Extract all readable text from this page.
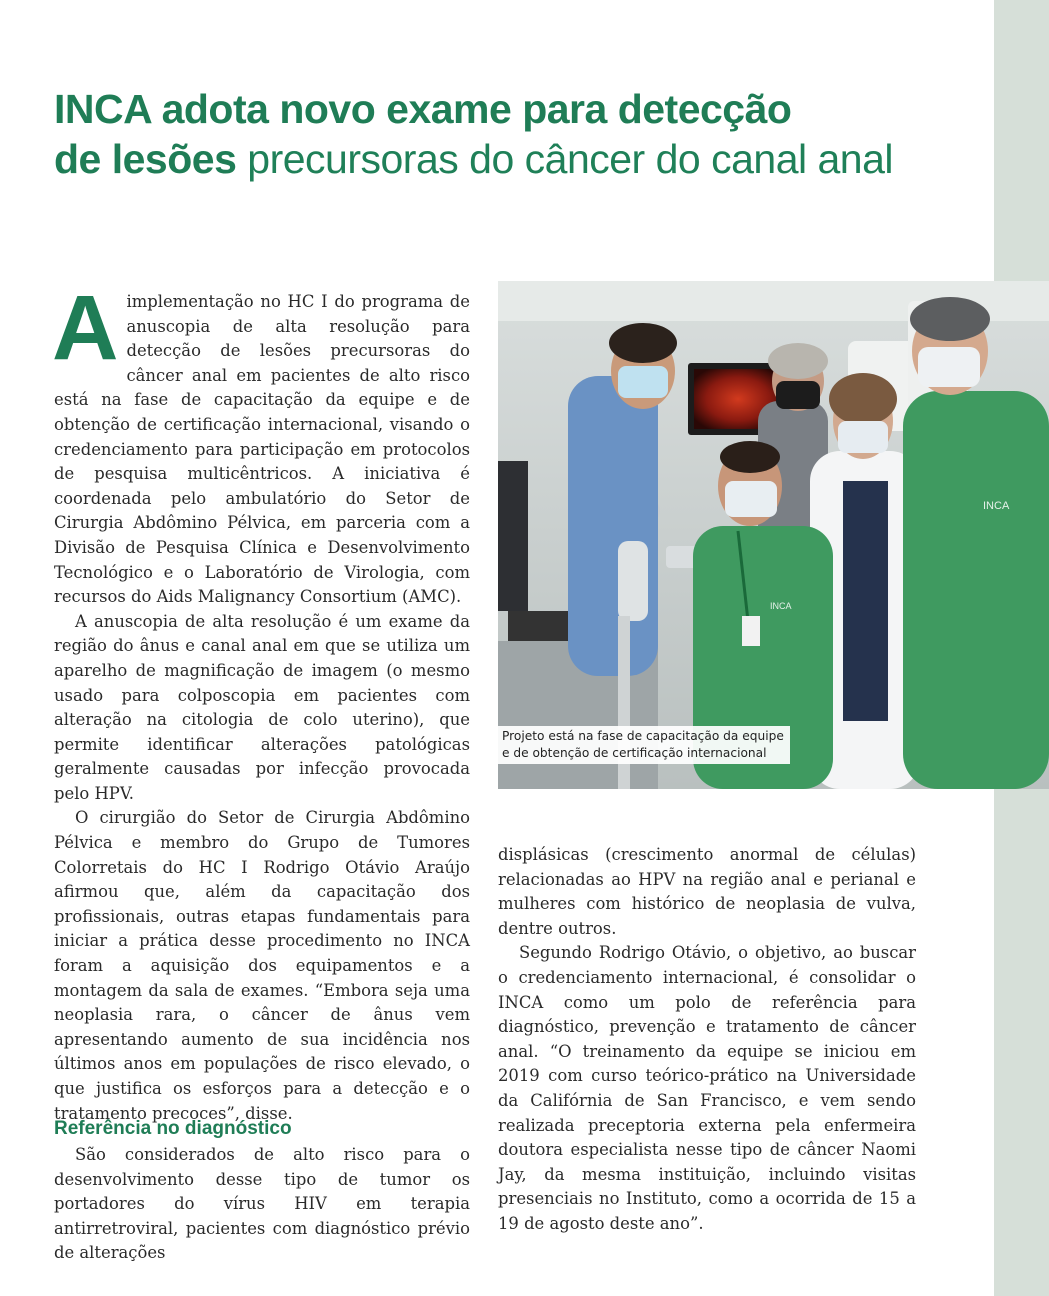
INCA adota novo exame para detecção
de lesões precursoras do câncer do canal anal

Aimplementação no HC I do programa de anuscopia de alta resolução para detecção de lesões precursoras do câncer anal em pacientes de alto risco está na fase de capacitação da equipe e de obtenção de certificação internacional, visando o credenciamento para participação em protocolos de pesquisa multicêntricos. A iniciativa é coordenada pelo ambulatório do Setor de Cirurgia Abdômino Pélvica, em parceria com a Divisão de Pesquisa Clínica e Desenvolvimento Tecnológico e o Laboratório de Virologia, com recursos do Aids Malignancy Consortium (AMC).

A anuscopia de alta resolução é um exame da região do ânus e canal anal em que se utiliza um aparelho de magnificação de imagem (o mesmo usado para colposcopia em pacientes com alteração na citologia de colo uterino), que permite identificar alterações patológicas geralmente causadas por infecção provocada pelo HPV.

O cirurgião do Setor de Cirurgia Abdômino Pélvica e membro do Grupo de Tumores Colorretais do HC I Rodrigo Otávio Araújo afirmou que, além da capacitação dos profissionais, outras etapas fundamentais para iniciar a prática desse procedimento no INCA foram a aquisição dos equipamentos e a montagem da sala de exames. “Embora seja uma neoplasia rara, o câncer de ânus vem apresentando aumento de sua incidência nos últimos anos em populações de risco elevado, o que justifica os esforços para a detecção e o tratamento precoces”, disse.

Referência no diagnóstico

São considerados de alto risco para o desenvolvimento desse tipo de tumor os portadores do vírus HIV em terapia antirretroviral, pacientes com diagnóstico prévio de alterações

INCA
INCA
Projeto está na fase de capacitação da equipe
e de obtenção de certificação internacional

displásicas (crescimento anormal de células) relacionadas ao HPV na região anal e perianal e mulheres com histórico de neoplasia de vulva, dentre outros.

Segundo Rodrigo Otávio, o objetivo, ao buscar o credenciamento internacional, é consolidar o INCA como um polo de referência para diagnóstico, prevenção e tratamento de câncer anal. “O treinamento da equipe se iniciou em 2019 com curso teórico-prático na Universidade da Califórnia de San Francisco, e vem sendo realizada preceptoria externa pela enfermeira doutora especialista nesse tipo de câncer Naomi Jay, da mesma instituição, incluindo visitas presenciais no Instituto, como a ocorrida de 15 a 19 de agosto deste ano”.
